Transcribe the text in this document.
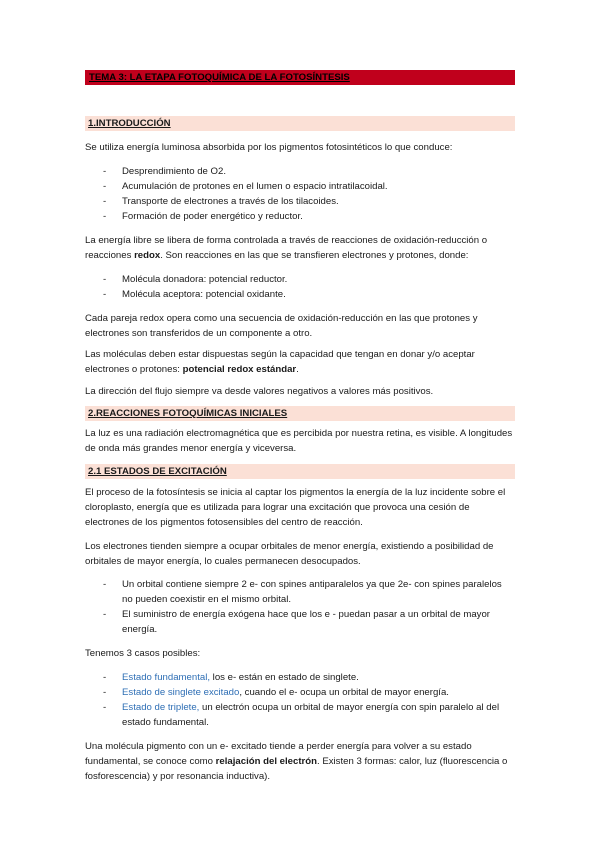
TEMA 3: LA ETAPA FOTOQUÍMICA DE LA FOTOSÍNTESIS
1.INTRODUCCIÓN

Se utiliza energía luminosa absorbida por los pigmentos fotosintéticos lo que conduce:

- Desprendimiento de O2.
- Acumulación de protones en el lumen o espacio intratilacoidal.
- Transporte de electrones a través de los tilacoides.
- Formación de poder energético y reductor.

La energía libre se libera de forma controlada a través de reacciones de oxidación-reducción o reacciones redox. Son reacciones en las que se transfieren electrones y protones, donde:

- Molécula donadora: potencial reductor.
- Molécula aceptora: potencial oxidante.

Cada pareja redox opera como una secuencia de oxidación-reducción en las que protones y electrones son transferidos de un componente a otro.

Las moléculas deben estar dispuestas según la capacidad que tengan en donar y/o aceptar electrones o protones: potencial redox estándar.

La dirección del flujo siempre va desde valores negativos a valores más positivos.

2.REACCIONES FOTOQUÍMICAS INICIALES

La luz es una radiación electromagnética que es percibida por nuestra retina, es visible. A longitudes de onda más grandes menor energía y viceversa.

2.1 ESTADOS DE EXCITACIÓN

El proceso de la fotosíntesis se inicia al captar los pigmentos la energía de la luz incidente sobre el cloroplasto, energía que es utilizada para lograr una excitación que provoca una cesión de electrones de los pigmentos fotosensibles del centro de reacción.

Los electrones tienden siempre a ocupar orbitales de menor energía, existiendo a posibilidad de orbitales de mayor energía, lo cuales permanecen desocupados.

- Un orbital contiene siempre 2 e- con spines antiparalelos ya que 2e- con spines paralelos no pueden coexistir en el mismo orbital.
- El suministro de energía exógena hace que los e - puedan pasar a un orbital de mayor energía.

Tenemos 3 casos posibles:

- Estado fundamental, los e- están en estado de singlete.
- Estado de singlete excitado, cuando el e- ocupa un orbital de mayor energía.
- Estado de triplete, un electrón ocupa un orbital de mayor energía con spin paralelo al del estado fundamental.

Una molécula pigmento con un e- excitado tiende a perder energía para volver a su estado fundamental, se conoce como relajación del electrón. Existen 3 formas: calor, luz (fluorescencia o fosforescencia) y por resonancia inductiva).
